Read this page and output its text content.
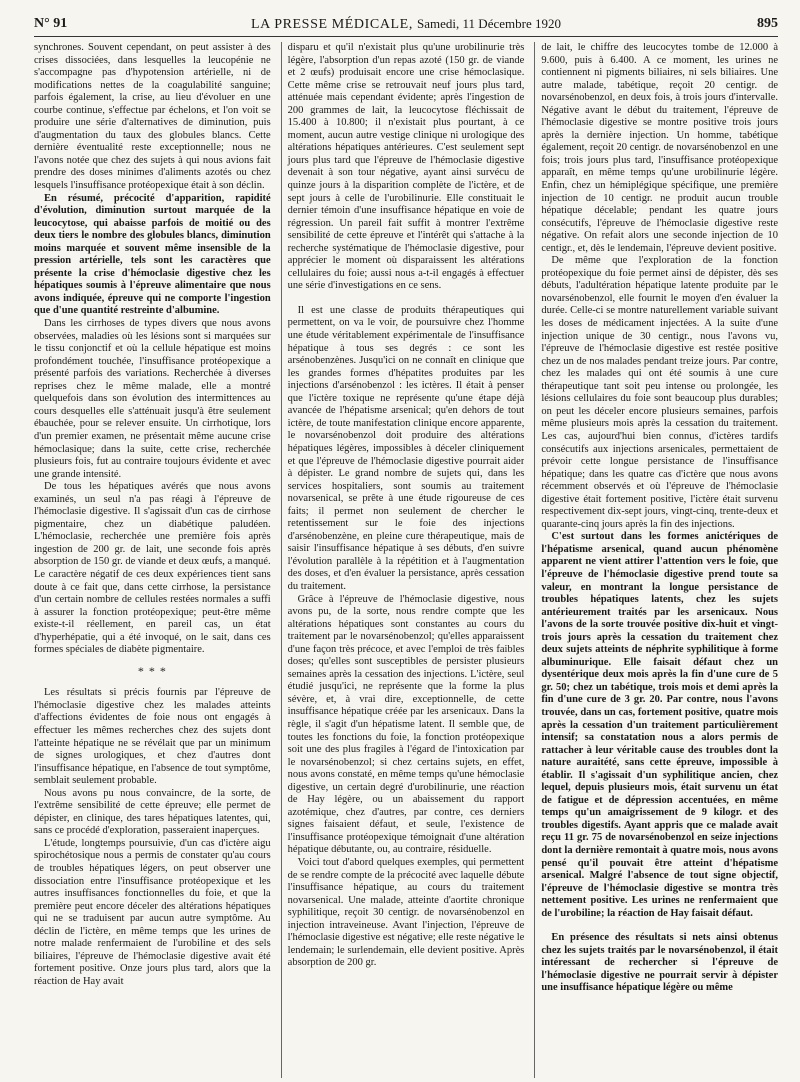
N° 91	LA PRESSE MÉDICALE, Samedi, 11 Décembre 1920	895

synchrones. Souvent cependant, on peut assister à des crises dissociées, dans lesquelles la leucopénie ne s'accompagne pas d'hypotension artérielle, ni de modifications nettes de la coagulabilité sanguine; parfois également, la crise, au lieu d'évoluer en une courbe continue, s'effectue par échelons, et l'on voit se produire une série d'alternatives de diminution, puis d'augmentation du taux des globules blancs. Cette dernière éventualité reste exceptionnelle; nous ne l'avons notée que chez des sujets à qui nous avions fait prendre des doses minimes d'aliments azotés ou chez lesquels l'insuffisance protéopexique était à son déclin.

En résumé, précocité d'apparition, rapidité d'évolution, diminution surtout marquée de la leucocytose, qui abaisse parfois de moitié ou des deux tiers le nombre des globules blancs, diminution moins marquée et souvent même insensible de la pression artérielle, tels sont les caractères que présente la crise d'hémoclasie digestive chez les hépatiques soumis à l'épreuve alimentaire que nous avons indiquée, épreuve qui ne comporte l'ingestion que d'une quantité restreinte d'albumine.

Dans les cirrhoses de types divers que nous avons observées, maladies où les lésions sont si marquées sur le tissu conjonctif et où la cellule hépatique est moins profondément touchée, l'insuffisance protéopexique a présenté parfois des variations. Recherchée à diverses reprises chez le même malade, elle a montré quelquefois dans son évolution des intermittences au cours desquelles elle s'atténuait jusqu'à être seulement ébauchée, pour se relever ensuite. Un cirrhotique, lors d'un premier examen, ne présentait même aucune crise hémoclasique; dans la suite, cette crise, recherchée plusieurs fois, fut au contraire toujours évidente et avec une grande intensité.

De tous les hépatiques avérés que nous avons examinés, un seul n'a pas réagi à l'épreuve de l'hémoclasie digestive. Il s'agissait d'un cas de cirrhose pigmentaire, chez un diabétique paludéen. L'hémoclasie, recherchée une première fois après ingestion de 200 gr. de lait, une seconde fois après absorption de 150 gr. de viande et deux œufs, a manqué. Le caractère négatif de ces deux expériences tient sans doute à ce fait que, dans cette cirrhose, la persistance d'un certain nombre de cellules restées normales a suffi à assurer la fonction protéopexique; peut-être même existe-t-il réellement, en pareil cas, un état d'hyperhépatie, qui a été invoqué, on le sait, dans ces formes spéciales de diabète pigmentaire.

* * *

Les résultats si précis fournis par l'épreuve de l'hémoclasie digestive chez les malades atteints d'affections évidentes de foie nous ont engagés à effectuer les mêmes recherches chez des sujets dont l'atteinte hépatique ne se révélait que par un minimum de signes urologiques, et chez d'autres dont l'insuffisance hépatique, en l'absence de tout symptôme, semblait seulement probable.

Nous avons pu nous convaincre, de la sorte, de l'extrême sensibilité de cette épreuve; elle permet de dépister, en clinique, des tares hépatiques latentes, qui, sans ce procédé d'exploration, passeraient inaperçues.

L'étude, longtemps poursuivie, d'un cas d'ictère aigu spirochétosique nous a permis de constater qu'au cours de troubles hépatiques légers, on peut observer une dissociation entre l'insuffisance protéopexique et les autres insuffisances fonctionnelles du foie, et que la première peut encore déceler des altérations hépatiques qui ne se traduisent par aucun autre symptôme. Au déclin de l'ictère, en même temps que les urines de notre malade renfermaient de l'urobiline et des sels biliaires, l'épreuve de l'hémoclasie digestive avait été fortement positive. Onze jours plus tard, alors que la réaction de Hay avait

disparu et qu'il n'existait plus qu'une urobilinurie très légère, l'absorption d'un repas azoté (150 gr. de viande et 2 œufs) produisait encore une crise hémoclasique. Cette même crise se retrouvait neuf jours plus tard, atténuée mais cependant évidente; après l'ingestion de 200 grammes de lait, la leucocytose fléchissait de 15.400 à 10.800; il n'existait plus pourtant, à ce moment, aucun autre vestige clinique ni urologique des altérations hépatiques antérieures. C'est seulement sept jours plus tard que l'épreuve de l'hémoclasie digestive devenait à son tour négative, ayant ainsi survécu de quinze jours à la disparition complète de l'ictère, et de sept jours à celle de l'urobilinurie. Elle constituait le dernier témoin d'une insuffisance hépatique en voie de régression. Un pareil fait suffit à montrer l'extrême sensibilité de cette épreuve et l'intérêt qui s'attache à la recherche systématique de l'hémoclasie digestive, pour apprécier le moment où disparaissent les altérations cellulaires du foie; aussi nous a-t-il engagés à effectuer une série d'investigations en ce sens.

Il est une classe de produits thérapeutiques qui permettent, on va le voir, de poursuivre chez l'homme une étude véritablement expérimentale de l'insuffisance hépatique à tous ses degrés : ce sont les arsénobenzènes. Jusqu'ici on ne connaît en clinique que les grandes formes d'hépatites produites par les injections d'arsénobenzol : les ictères. Il était à penser que l'ictère toxique ne représente qu'une étape déjà avancée de l'hépatisme arsenical; qu'en dehors de tout ictère, de toute manifestation clinique encore apparente, le novarsénobenzol doit produire des altérations hépatiques légères, impossibles à déceler cliniquement et que l'épreuve de l'hémoclasie digestive pourrait aider à dépister. Le grand nombre de sujets qui, dans les services hospitaliers, sont soumis au traitement novarsenical, se prête à une étude rigoureuse de ces faits; il permet non seulement de chercher le retentissement sur le foie des injections d'arsénobenzène, en pleine cure thérapeutique, mais de saisir l'insuffisance hépatique à ses débuts, d'en suivre l'évolution parallèle à la répétition et à l'augmentation des doses, et d'en évaluer la persistance, après cessation du traitement.

Grâce à l'épreuve de l'hémoclasie digestive, nous avons pu, de la sorte, nous rendre compte que les altérations hépatiques sont constantes au cours du traitement par le novarsénobenzol; qu'elles apparaissent d'une façon très précoce, et avec l'emploi de très faibles doses; qu'elles sont susceptibles de persister plusieurs semaines après la cessation des injections. L'ictère, seul étudié jusqu'ici, ne représente que la forme la plus sévère, et, à vrai dire, exceptionnelle, de cette insuffisance hépatique créée par les arsenicaux. Dans la règle, il s'agit d'un hépatisme latent. Il semble que, de toutes les fonctions du foie, la fonction protéopexique soit une des plus fragiles à l'égard de l'intoxication par le novarsénobenzol; si chez certains sujets, en effet, nous avons constaté, en même temps qu'une hémoclasie digestive, un certain degré d'urobilinurie, une réaction de Hay légère, ou un abaissement du rapport azotémique, chez d'autres, par contre, ces derniers signes faisaient défaut, et seule, l'existence de l'insuffisance protéopexique témoignait d'une altération hépatique débutante, ou, au contraire, résiduelle.

Voici tout d'abord quelques exemples, qui permettent de se rendre compte de la précocité avec laquelle débute l'insuffisance hépatique, au cours du traitement novarsenical. Une malade, atteinte d'aortite chronique syphilitique, reçoit 30 centigr. de novarsénobenzol en injection intraveineuse. Avant l'injection, l'épreuve de l'hémoclasie digestive est négative; elle reste négative le lendemain; le surlendemain, elle devient positive. Après absorption de 200 gr.

de lait, le chiffre des leucocytes tombe de 12.000 à 9.600, puis à 6.400. A ce moment, les urines ne contiennent ni pigments biliaires, ni sels biliaires. Une autre malade, tabétique, reçoit 20 centigr. de novarsénobenzol, en deux fois, à trois jours d'intervalle. Négative avant le début du traitement, l'épreuve de l'hémoclasie digestive se montre positive trois jours après la dernière injection. Un homme, tabétique également, reçoit 20 centigr. de novarsénobenzol en une fois; trois jours plus tard, l'insuffisance protéopexique apparaît, en même temps qu'une urobilinurie légère. Enfin, chez un hémiplégique spécifique, une première injection de 10 centigr. ne produit aucun trouble hépatique décelable; pendant les quatre jours consécutifs, l'épreuve de l'hémoclasie digestive reste négative. On refait alors une seconde injection de 10 centigr., et, dès le lendemain, l'épreuve devient positive.

De même que l'exploration de la fonction protéopexique du foie permet ainsi de dépister, dès ses débuts, l'adultération hépatique latente produite par le novarsénobenzol, elle fournit le moyen d'en évaluer la durée. Celle-ci se montre naturellement variable suivant les doses de médicament injectées. A la suite d'une injection unique de 30 centigr., nous l'avons vu, l'épreuve de l'hémoclasie digestive est restée positive chez un de nos malades pendant treize jours. Par contre, chez les malades qui ont été soumis à une cure thérapeutique tant soit peu intense ou prolongée, les lésions cellulaires du foie sont beaucoup plus durables; on peut les déceler encore plusieurs semaines, parfois même plusieurs mois après la cessation du traitement. Les cas, aujourd'hui bien connus, d'ictères tardifs consécutifs aux injections arsenicales, permettaient de prévoir cette longue persistance de l'insuffisance hépatique; dans les quatre cas d'ictère que nous avons récemment observés et où l'épreuve de l'hémoclasie digestive était fortement positive, l'ictère était survenu respectivement dix-sept jours, vingt-cinq, trente-deux et quarante-cinq jours après la fin des injections.

C'est surtout dans les formes anictériques de l'hépatisme arsenical, quand aucun phénomène apparent ne vient attirer l'attention vers le foie, que l'épreuve de l'hémoclasie digestive prend toute sa valeur, en montrant la longue persistance de troubles hépatiques latents, chez les sujets antérieurement traités par les arsenicaux. Nous l'avons de la sorte trouvée positive dix-huit et vingt-trois jours après la cessation du traitement chez deux sujets atteints de néphrite syphilitique à forme albuminurique. Elle faisait défaut chez un dysentérique deux mois après la fin d'une cure de 5 gr. 50; chez un tabétique, trois mois et demi après la fin d'une cure de 3 gr. 20. Par contre, nous l'avons trouvée, dans un cas, fortement positive, quatre mois après la cessation d'un traitement particulièrement intensif; sa constatation nous a alors permis de rattacher à leur véritable cause des troubles dont la nature auraitété, sans cette épreuve, impossible à établir. Il s'agissait d'un syphilitique ancien, chez lequel, depuis plusieurs mois, était survenu un état de fatigue et de dépression accentuées, en même temps qu'un amaigrissement de 9 kilogr. et des troubles digestifs. Ayant appris que ce malade avait reçu 11 gr. 75 de novarsénobenzol en seize injections dont la dernière remontait à quatre mois, nous avons pensé qu'il pouvait être atteint d'hépatisme arsenical. Malgré l'absence de tout signe objectif, l'épreuve de l'hémoclasie digestive se montra très nettement positive. Les urines ne renfermaient que de l'urobiline; la réaction de Hay faisait défaut.

En présence des résultats si nets ainsi obtenus chez les sujets traités par le novarsénobenzol, il était intéressant de rechercher si l'épreuve de l'hémoclasie digestive ne pourrait servir à dépister une insuffisance hépatique légère ou même
